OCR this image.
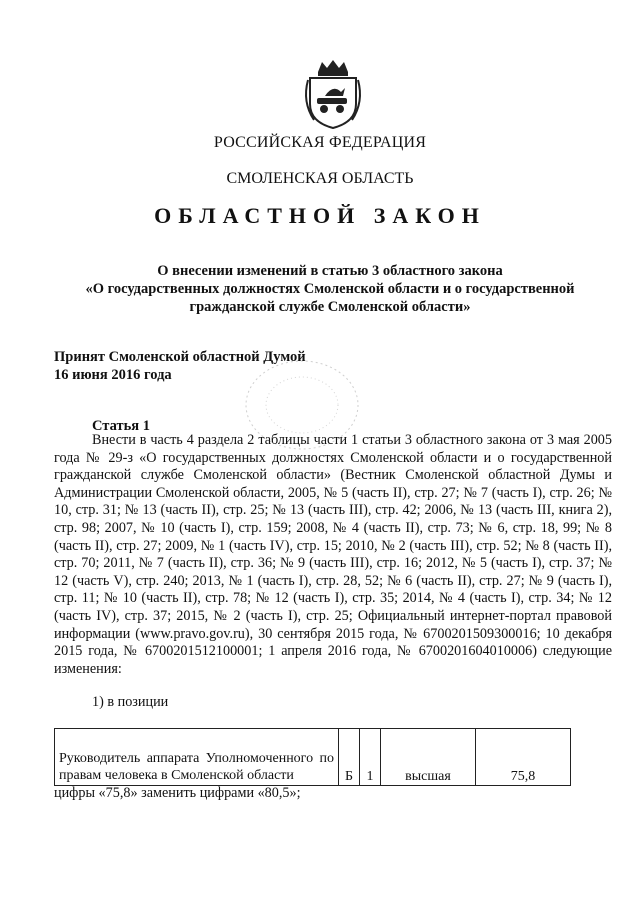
РОССИЙСКАЯ ФЕДЕРАЦИЯ
СМОЛЕНСКАЯ ОБЛАСТЬ
ОБЛАСТНОЙ ЗАКОН
О внесении изменений в статью 3 областного закона
«О государственных должностях Смоленской области и о государственной
гражданской службе Смоленской области»
Принят Смоленской областной Думой
16 июня 2016 года
Статья 1
Внести в часть 4 раздела 2 таблицы части 1 статьи 3 областного закона от 3 мая 2005 года № 29-з «О государственных должностях Смоленской области и о государственной гражданской службе Смоленской области» (Вестник Смоленской областной Думы и Администрации Смоленской области, 2005, № 5 (часть II), стр. 27; № 7 (часть I), стр. 26; № 10, стр. 31; № 13 (часть II), стр. 25; № 13 (часть III), стр. 42; 2006, № 13 (часть III, книга 2), стр. 98; 2007, № 10 (часть I), стр. 159; 2008, № 4 (часть II), стр. 73; № 6, стр. 18, 99; № 8 (часть II), стр. 27; 2009, № 1 (часть IV), стр. 15; 2010, № 2 (часть III), стр. 52; № 8 (часть II), стр. 70; 2011, № 7 (часть II), стр. 36; № 9 (часть III), стр. 16; 2012, № 5 (часть I), стр. 37; № 12 (часть V), стр. 240; 2013, № 1 (часть I), стр. 28, 52; № 6 (часть II), стр. 27; № 9 (часть I), стр. 11; № 10 (часть II), стр. 78; № 12 (часть I), стр. 35; 2014, № 4 (часть I), стр. 34; № 12 (часть IV), стр. 37; 2015, № 2 (часть I), стр. 25; Официальный интернет-портал правовой информации (www.pravo.gov.ru), 30 сентября 2015 года, № 6700201509300016; 10 декабря 2015 года, № 6700201512100001; 1 апреля 2016 года, № 6700201604010006) следующие изменения:
1) в позиции
Руководитель аппарата Уполномоченного по правам человека в Смоленской области	Б	1	высшая	75,8
цифры «75,8» заменить цифрами «80,5»;
